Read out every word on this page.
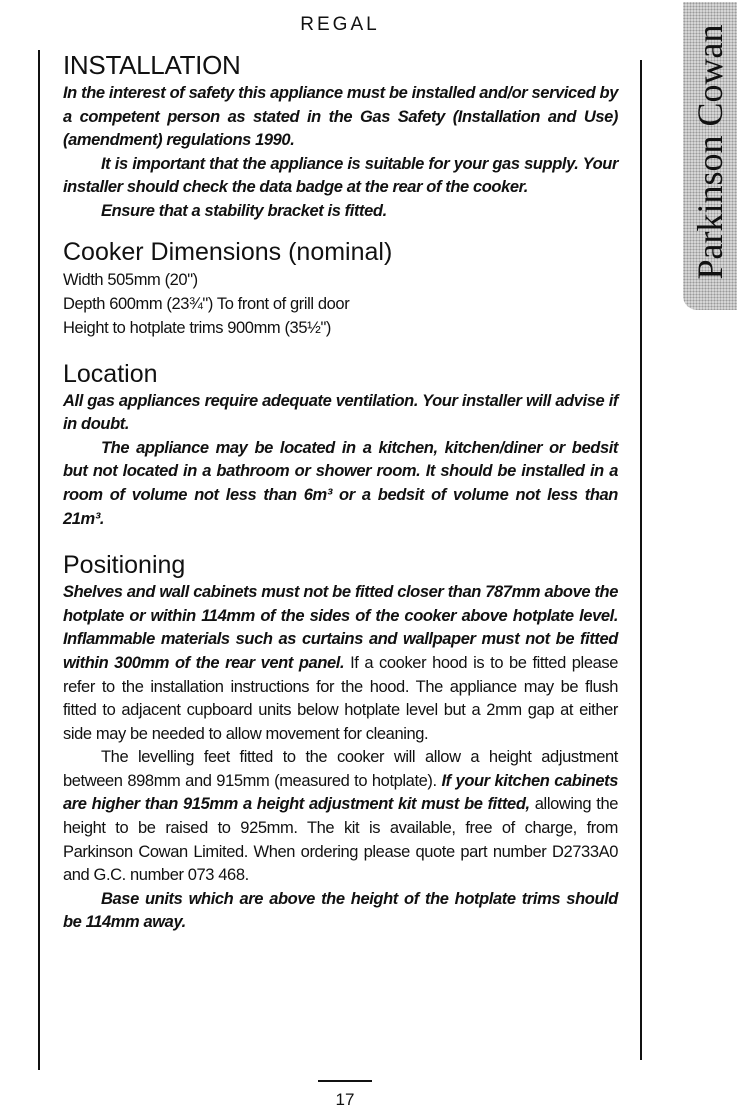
REGAL	Parkinson Cowan
INSTALLATION

In the interest of safety this appliance must be installed and/or serviced by a competent person as stated in the Gas Safety (Installation and Use) (amendment) regulations 1990.

It is important that the appliance is suitable for your gas supply. Your installer should check the data badge at the rear of the cooker.

Ensure that a stability bracket is fitted.

Cooker Dimensions (nominal)
Width 505mm (20")
Depth 600mm (23¾") To front of grill door
Height to hotplate trims 900mm (35½")
Location

All gas appliances require adequate ventilation. Your installer will advise if in doubt.

The appliance may be located in a kitchen, kitchen/diner or bedsit but not located in a bathroom or shower room. It should be installed in a room of volume not less than 6m³ or a bedsit of volume not less than 21m³.

Positioning

Shelves and wall cabinets must not be fitted closer than 787mm above the hotplate or within 114mm of the sides of the cooker above hotplate level. Inflammable materials such as curtains and wallpaper must not be fitted within 300mm of the rear vent panel. If a cooker hood is to be fitted please refer to the installation instructions for the hood. The appliance may be flush fitted to adjacent cupboard units below hotplate level but a 2mm gap at either side may be needed to allow movement for cleaning.

The levelling feet fitted to the cooker will allow a height adjustment between 898mm and 915mm (measured to hotplate). If your kitchen cabinets are higher than 915mm a height adjustment kit must be fitted, allowing the height to be raised to 925mm. The kit is available, free of charge, from Parkinson Cowan Limited. When ordering please quote part number D2733A0 and G.C. number 073 468.

Base units which are above the height of the hotplate trims should be 114mm away.

17
